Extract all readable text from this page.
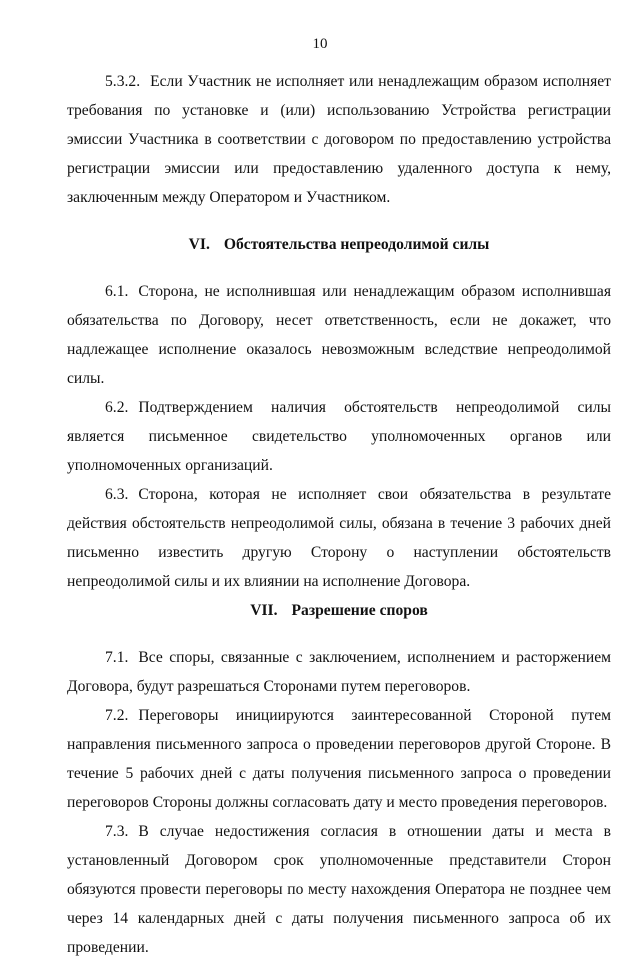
10

5.3.2. Если Участник не исполняет или ненадлежащим образом исполняет требования по установке и (или) использованию Устройства регистрации эмиссии Участника в соответствии с договором по предоставлению устройства регистрации эмиссии или предоставлению удаленного доступа к нему, заключенным между Оператором и Участником.

VI. Обстоятельства непреодолимой силы

6.1. Сторона, не исполнившая или ненадлежащим образом исполнившая обязательства по Договору, несет ответственность, если не докажет, что надлежащее исполнение оказалось невозможным вследствие непреодолимой силы.

6.2. Подтверждением наличия обстоятельств непреодолимой силы является письменное свидетельство уполномоченных органов или уполномоченных организаций.

6.3. Сторона, которая не исполняет свои обязательства в результате действия обстоятельств непреодолимой силы, обязана в течение 3 рабочих дней письменно известить другую Сторону о наступлении обстоятельств непреодолимой силы и их влиянии на исполнение Договора.

VII. Разрешение споров

7.1. Все споры, связанные с заключением, исполнением и расторжением Договора, будут разрешаться Сторонами путем переговоров.

7.2. Переговоры инициируются заинтересованной Стороной путем направления письменного запроса о проведении переговоров другой Стороне. В течение 5 рабочих дней с даты получения письменного запроса о проведении переговоров Стороны должны согласовать дату и место проведения переговоров.

7.3. В случае недостижения согласия в отношении даты и места в установленный Договором срок уполномоченные представители Сторон обязуются провести переговоры по месту нахождения Оператора не позднее чем через 14 календарных дней с даты получения письменного запроса об их проведении.
